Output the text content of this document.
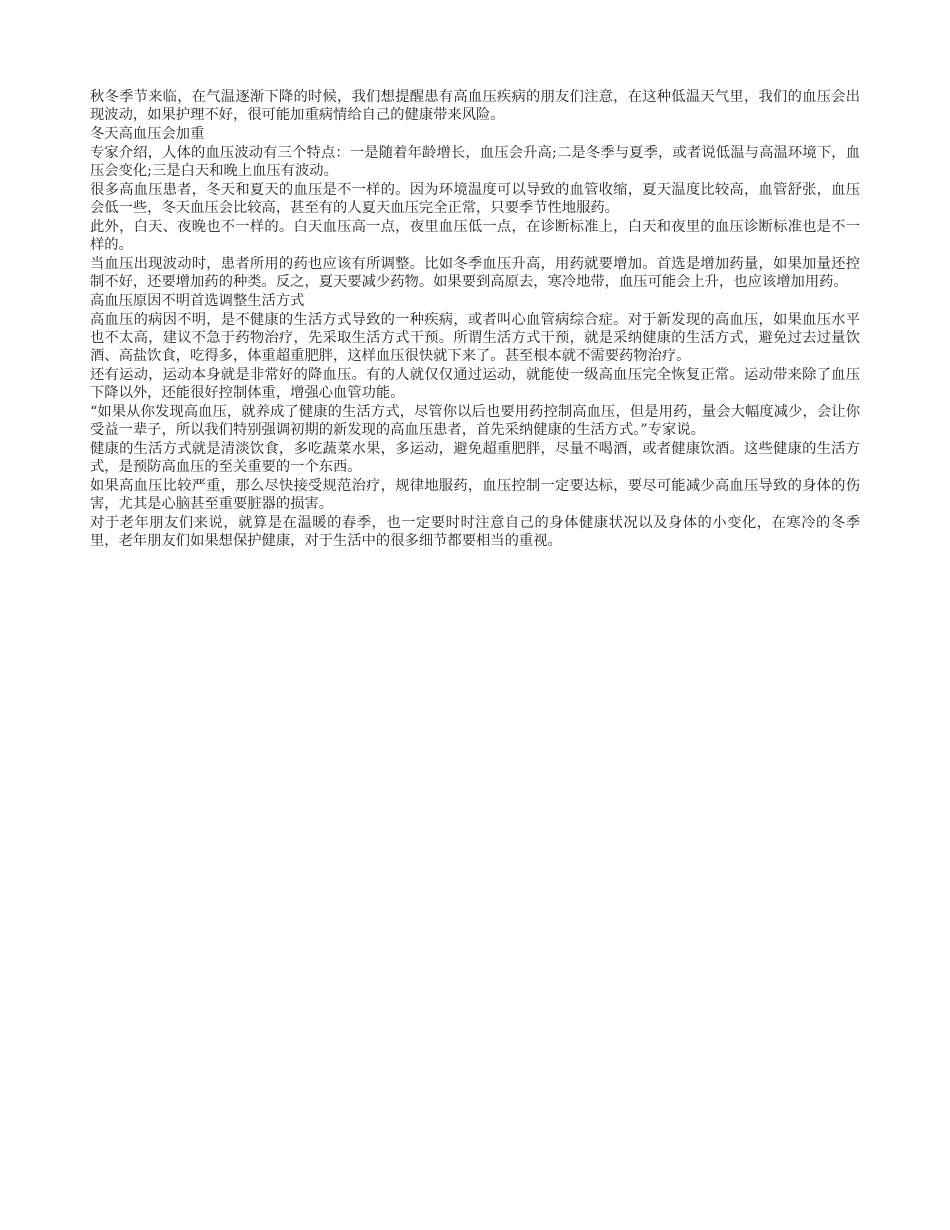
秋冬季节来临，在气温逐渐下降的时候，我们想提醒患有高血压疾病的朋友们注意，在这种低温天气里，我们的血压会出现波动，如果护理不好，很可能加重病情给自己的健康带来风险。
冬天高血压会加重
专家介绍，人体的血压波动有三个特点：一是随着年龄增长，血压会升高;二是冬季与夏季，或者说低温与高温环境下，血压会变化;三是白天和晚上血压有波动。
很多高血压患者，冬天和夏天的血压是不一样的。因为环境温度可以导致的血管收缩，夏天温度比较高，血管舒张，血压会低一些，冬天血压会比较高，甚至有的人夏天血压完全正常，只要季节性地服药。
此外，白天、夜晚也不一样的。白天血压高一点，夜里血压低一点，在诊断标准上，白天和夜里的血压诊断标准也是不一样的。
当血压出现波动时，患者所用的药也应该有所调整。比如冬季血压升高，用药就要增加。首选是增加药量，如果加量还控制不好，还要增加药的种类。反之，夏天要减少药物。如果要到高原去，寒冷地带，血压可能会上升，也应该增加用药。
高血压原因不明首选调整生活方式
高血压的病因不明，是不健康的生活方式导致的一种疾病，或者叫心血管病综合症。对于新发现的高血压，如果血压水平也不太高，建议不急于药物治疗，先采取生活方式干预。所谓生活方式干预，就是采纳健康的生活方式，避免过去过量饮酒、高盐饮食，吃得多，体重超重肥胖，这样血压很快就下来了。甚至根本就不需要药物治疗。
还有运动，运动本身就是非常好的降血压。有的人就仅仅通过运动，就能使一级高血压完全恢复正常。运动带来除了血压下降以外，还能很好控制体重，增强心血管功能。
“如果从你发现高血压，就养成了健康的生活方式，尽管你以后也要用药控制高血压，但是用药，量会大幅度减少，会让你受益一辈子，所以我们特别强调初期的新发现的高血压患者，首先采纳健康的生活方式。”专家说。
健康的生活方式就是清淡饮食，多吃蔬菜水果，多运动，避免超重肥胖，尽量不喝酒，或者健康饮酒。这些健康的生活方式，是预防高血压的至关重要的一个东西。
如果高血压比较严重，那么尽快接受规范治疗，规律地服药，血压控制一定要达标，要尽可能减少高血压导致的身体的伤害，尤其是心脑甚至重要脏器的损害。
对于老年朋友们来说，就算是在温暖的春季，也一定要时时注意自己的身体健康状况以及身体的小变化，在寒冷的冬季里，老年朋友们如果想保护健康，对于生活中的很多细节都要相当的重视。
